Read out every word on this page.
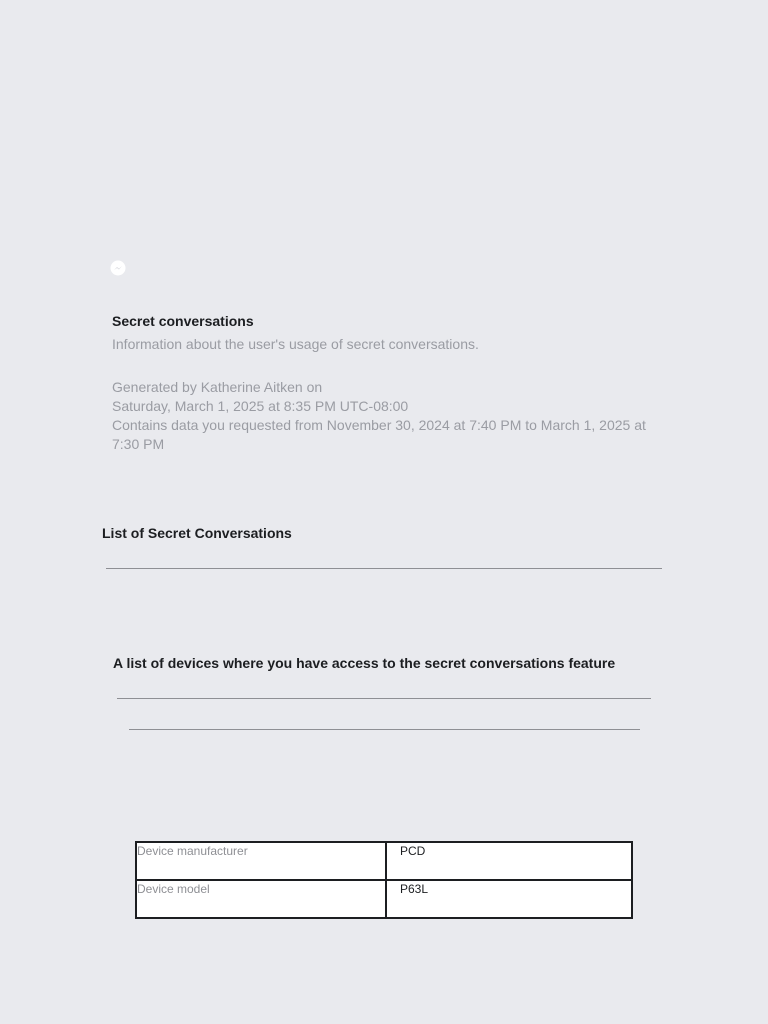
Secret conversations
Information about the user's usage of secret conversations.
Generated by Katherine Aitken on
Saturday, March 1, 2025 at 8:35 PM UTC-08:00
Contains data you requested from November 30, 2024 at 7:40 PM to March 1, 2025 at 7:30 PM
List of Secret Conversations
A list of devices where you have access to the secret conversations feature
Device manufacturer	PCD
Device model	P63L
